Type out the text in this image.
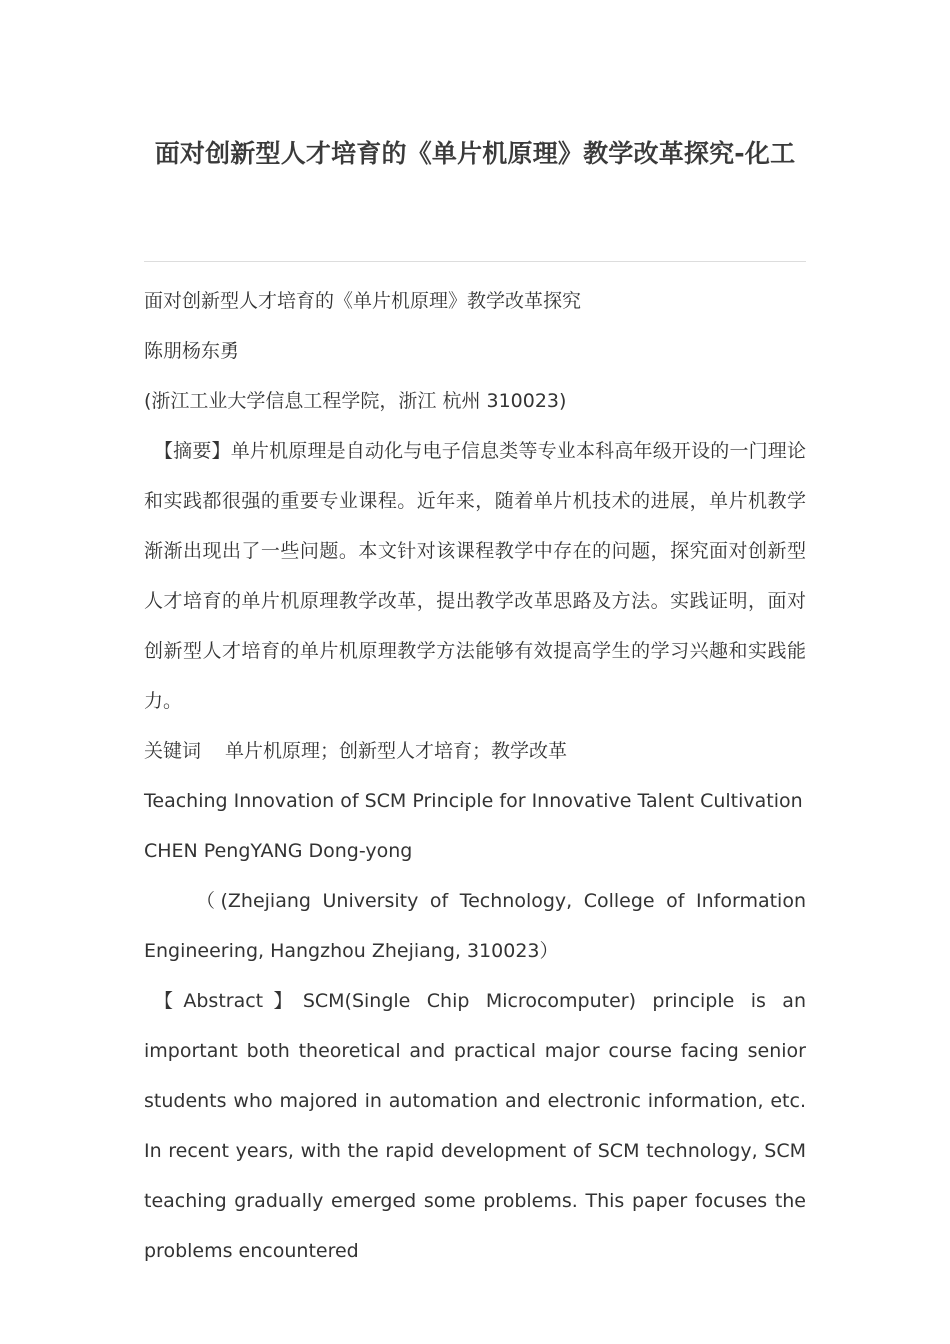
面对创新型人才培育的《单片机原理》教学改革探究-化工

面对创新型人才培育的《单片机原理》教学改革探究

陈朋杨东勇

(浙江工业大学信息工程学院，浙江 杭州 310023)

【摘要】单片机原理是自动化与电子信息类等专业本科高年级开设的一门理论和实践都很强的重要专业课程。近年来，随着单片机技术的进展，单片机教学渐渐出现出了一些问题。本文针对该课程教学中存在的问题，探究面对创新型人才培育的单片机原理教学改革，提出教学改革思路及方法。实践证明，面对创新型人才培育的单片机原理教学方法能够有效提高学生的学习兴趣和实践能力。

关键词 单片机原理；创新型人才培育；教学改革

Teaching Innovation of SCM Principle for Innovative Talent Cultivation

CHEN PengYANG Dong-yong

（(Zhejiang University of Technology, College of Information Engineering, Hangzhou Zhejiang, 310023）

【Abstract】SCM(Single Chip Microcomputer) principle is an important both theoretical and practical major course facing senior students who majored in automation and electronic information, etc. In recent years, with the rapid development of SCM technology, SCM teaching gradually emerged some problems. This paper focuses the problems encountered
